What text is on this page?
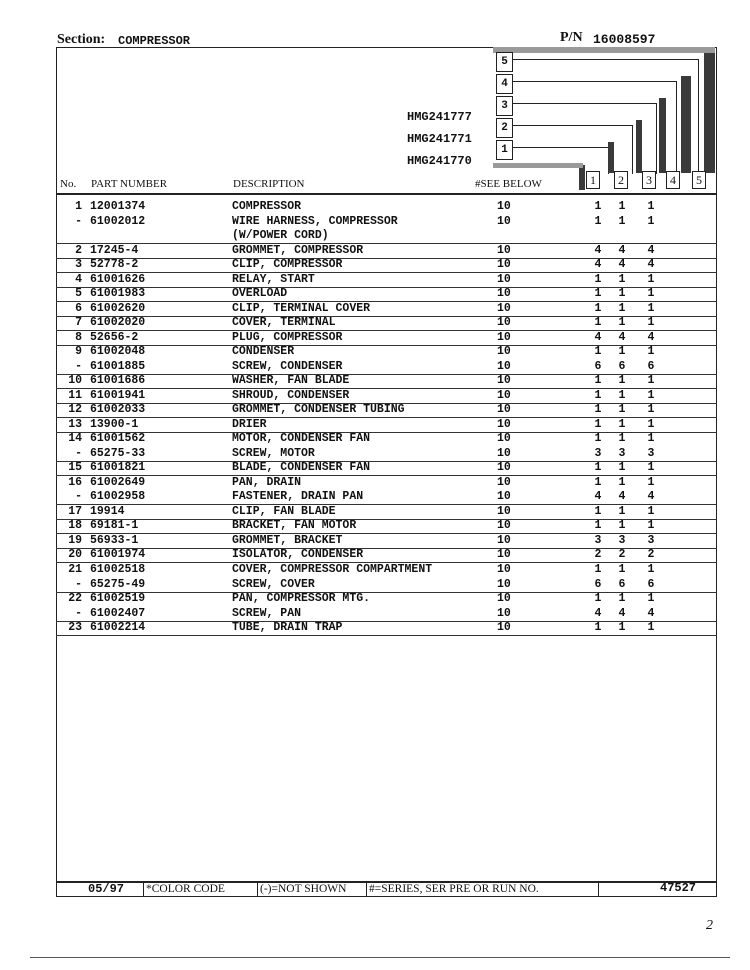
Section: COMPRESSOR	P/N 16008597
5
4
3
2
1
HMG241777
HMG241771
HMG241770
1	2	3	4	5
No. PART NUMBER	DESCRIPTION	#SEE BELOW
1 12001374	COMPRESSOR	10	1 1 1
- 61002012	WIRE HARNESS, COMPRESSOR	10	1 1 1
(W/POWER CORD)
2 17245-4	GROMMET, COMPRESSOR	10	4 4 4
3 52778-2	CLIP, COMPRESSOR	10	4 4 4
4 61001626	RELAY, START	10	1 1 1
5 61001983	OVERLOAD	10	1 1 1
6 61002620	CLIP, TERMINAL COVER	10	1 1 1
7 61002020	COVER, TERMINAL	10	1 1 1
8 52656-2	PLUG, COMPRESSOR	10	4 4 4
9 61002048	CONDENSER	10	1 1 1
- 61001885	SCREW, CONDENSER	10	6 6 6
10 61001686	WASHER, FAN BLADE	10	1 1 1
11 61001941	SHROUD, CONDENSER	10	1 1 1
12 61002033	GROMMET, CONDENSER TUBING	10	1 1 1
13 13900-1	DRIER	10	1 1 1
14 61001562	MOTOR, CONDENSER FAN	10	1 1 1
- 65275-33	SCREW, MOTOR	10	3 3 3
15 61001821	BLADE, CONDENSER FAN	10	1 1 1
16 61002649	PAN, DRAIN	10	1 1 1
- 61002958	FASTENER, DRAIN PAN	10	4 4 4
17 19914	CLIP, FAN BLADE	10	1 1 1
18 69181-1	BRACKET, FAN MOTOR	10	1 1 1
19 56933-1	GROMMET, BRACKET	10	3 3 3
20 61001974	ISOLATOR, CONDENSER	10	2 2 2
21 61002518	COVER, COMPRESSOR COMPARTMENT	10	1 1 1
- 65275-49	SCREW, COVER	10	6 6 6
22 61002519	PAN, COMPRESSOR MTG.	10	1 1 1
- 61002407	SCREW, PAN	10	4 4 4
23 61002214	TUBE, DRAIN TRAP	10	1 1 1
05/97 *COLOR CODE	(-)=NOT SHOWN #=SERIES, SER PRE OR RUN NO.	47527
2
